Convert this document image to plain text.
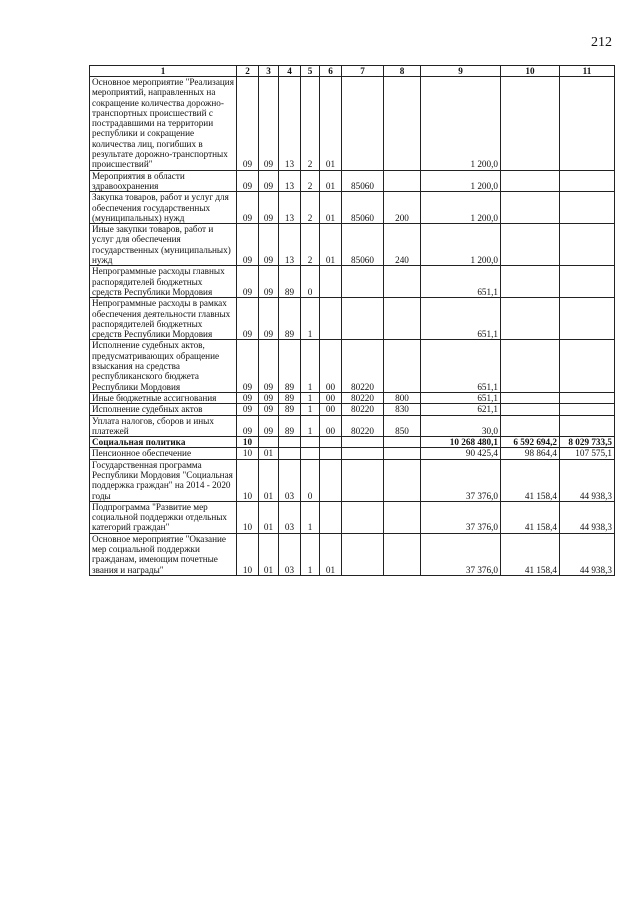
212
1	2	3	4	5	6	7	8	9	10	11
Основное мероприятие "Реализация мероприятий, направленных на сокращение количества дорожно-транспортных происшествий с пострадавшими на территории республики и сокращение количества лиц, погибших в результате дорожно-транспортных происшествий"	09	09	13	2	01			1 200,0		
Мероприятия в области здравоохранения	09	09	13	2	01	85060		1 200,0		
Закупка товаров, работ и услуг для обеспечения государственных (муниципальных) нужд	09	09	13	2	01	85060	200	1 200,0		
Иные закупки товаров, работ и услуг для обеспечения государственных (муниципальных) нужд	09	09	13	2	01	85060	240	1 200,0		
Непрограммные расходы главных распорядителей бюджетных средств Республики Мордовия	09	09	89	0				651,1		
Непрограммные расходы в рамках обеспечения деятельности главных распорядителей бюджетных средств Республики Мордовия	09	09	89	1				651,1		
Исполнение судебных актов, предусматривающих обращение взыскания на средства республиканского бюджета Республики Мордовия	09	09	89	1	00	80220		651,1		
Иные бюджетные ассигнования	09	09	89	1	00	80220	800	651,1		
Исполнение судебных актов	09	09	89	1	00	80220	830	621,1		
Уплата налогов, сборов и иных платежей	09	09	89	1	00	80220	850	30,0		
Социальная политика	10							10 268 480,1	6 592 694,2	8 029 733,5
Пенсионное обеспечение	10	01						90 425,4	98 864,4	107 575,1
Государственная программа Республики Мордовия "Социальная поддержка граждан" на 2014 - 2020 годы	10	01	03	0				37 376,0	41 158,4	44 938,3
Подпрограмма "Развитие мер социальной поддержки отдельных категорий граждан"	10	01	03	1				37 376,0	41 158,4	44 938,3
Основное мероприятие "Оказание мер социальной поддержки гражданам, имеющим почетные звания и награды"	10	01	03	1	01			37 376,0	41 158,4	44 938,3
